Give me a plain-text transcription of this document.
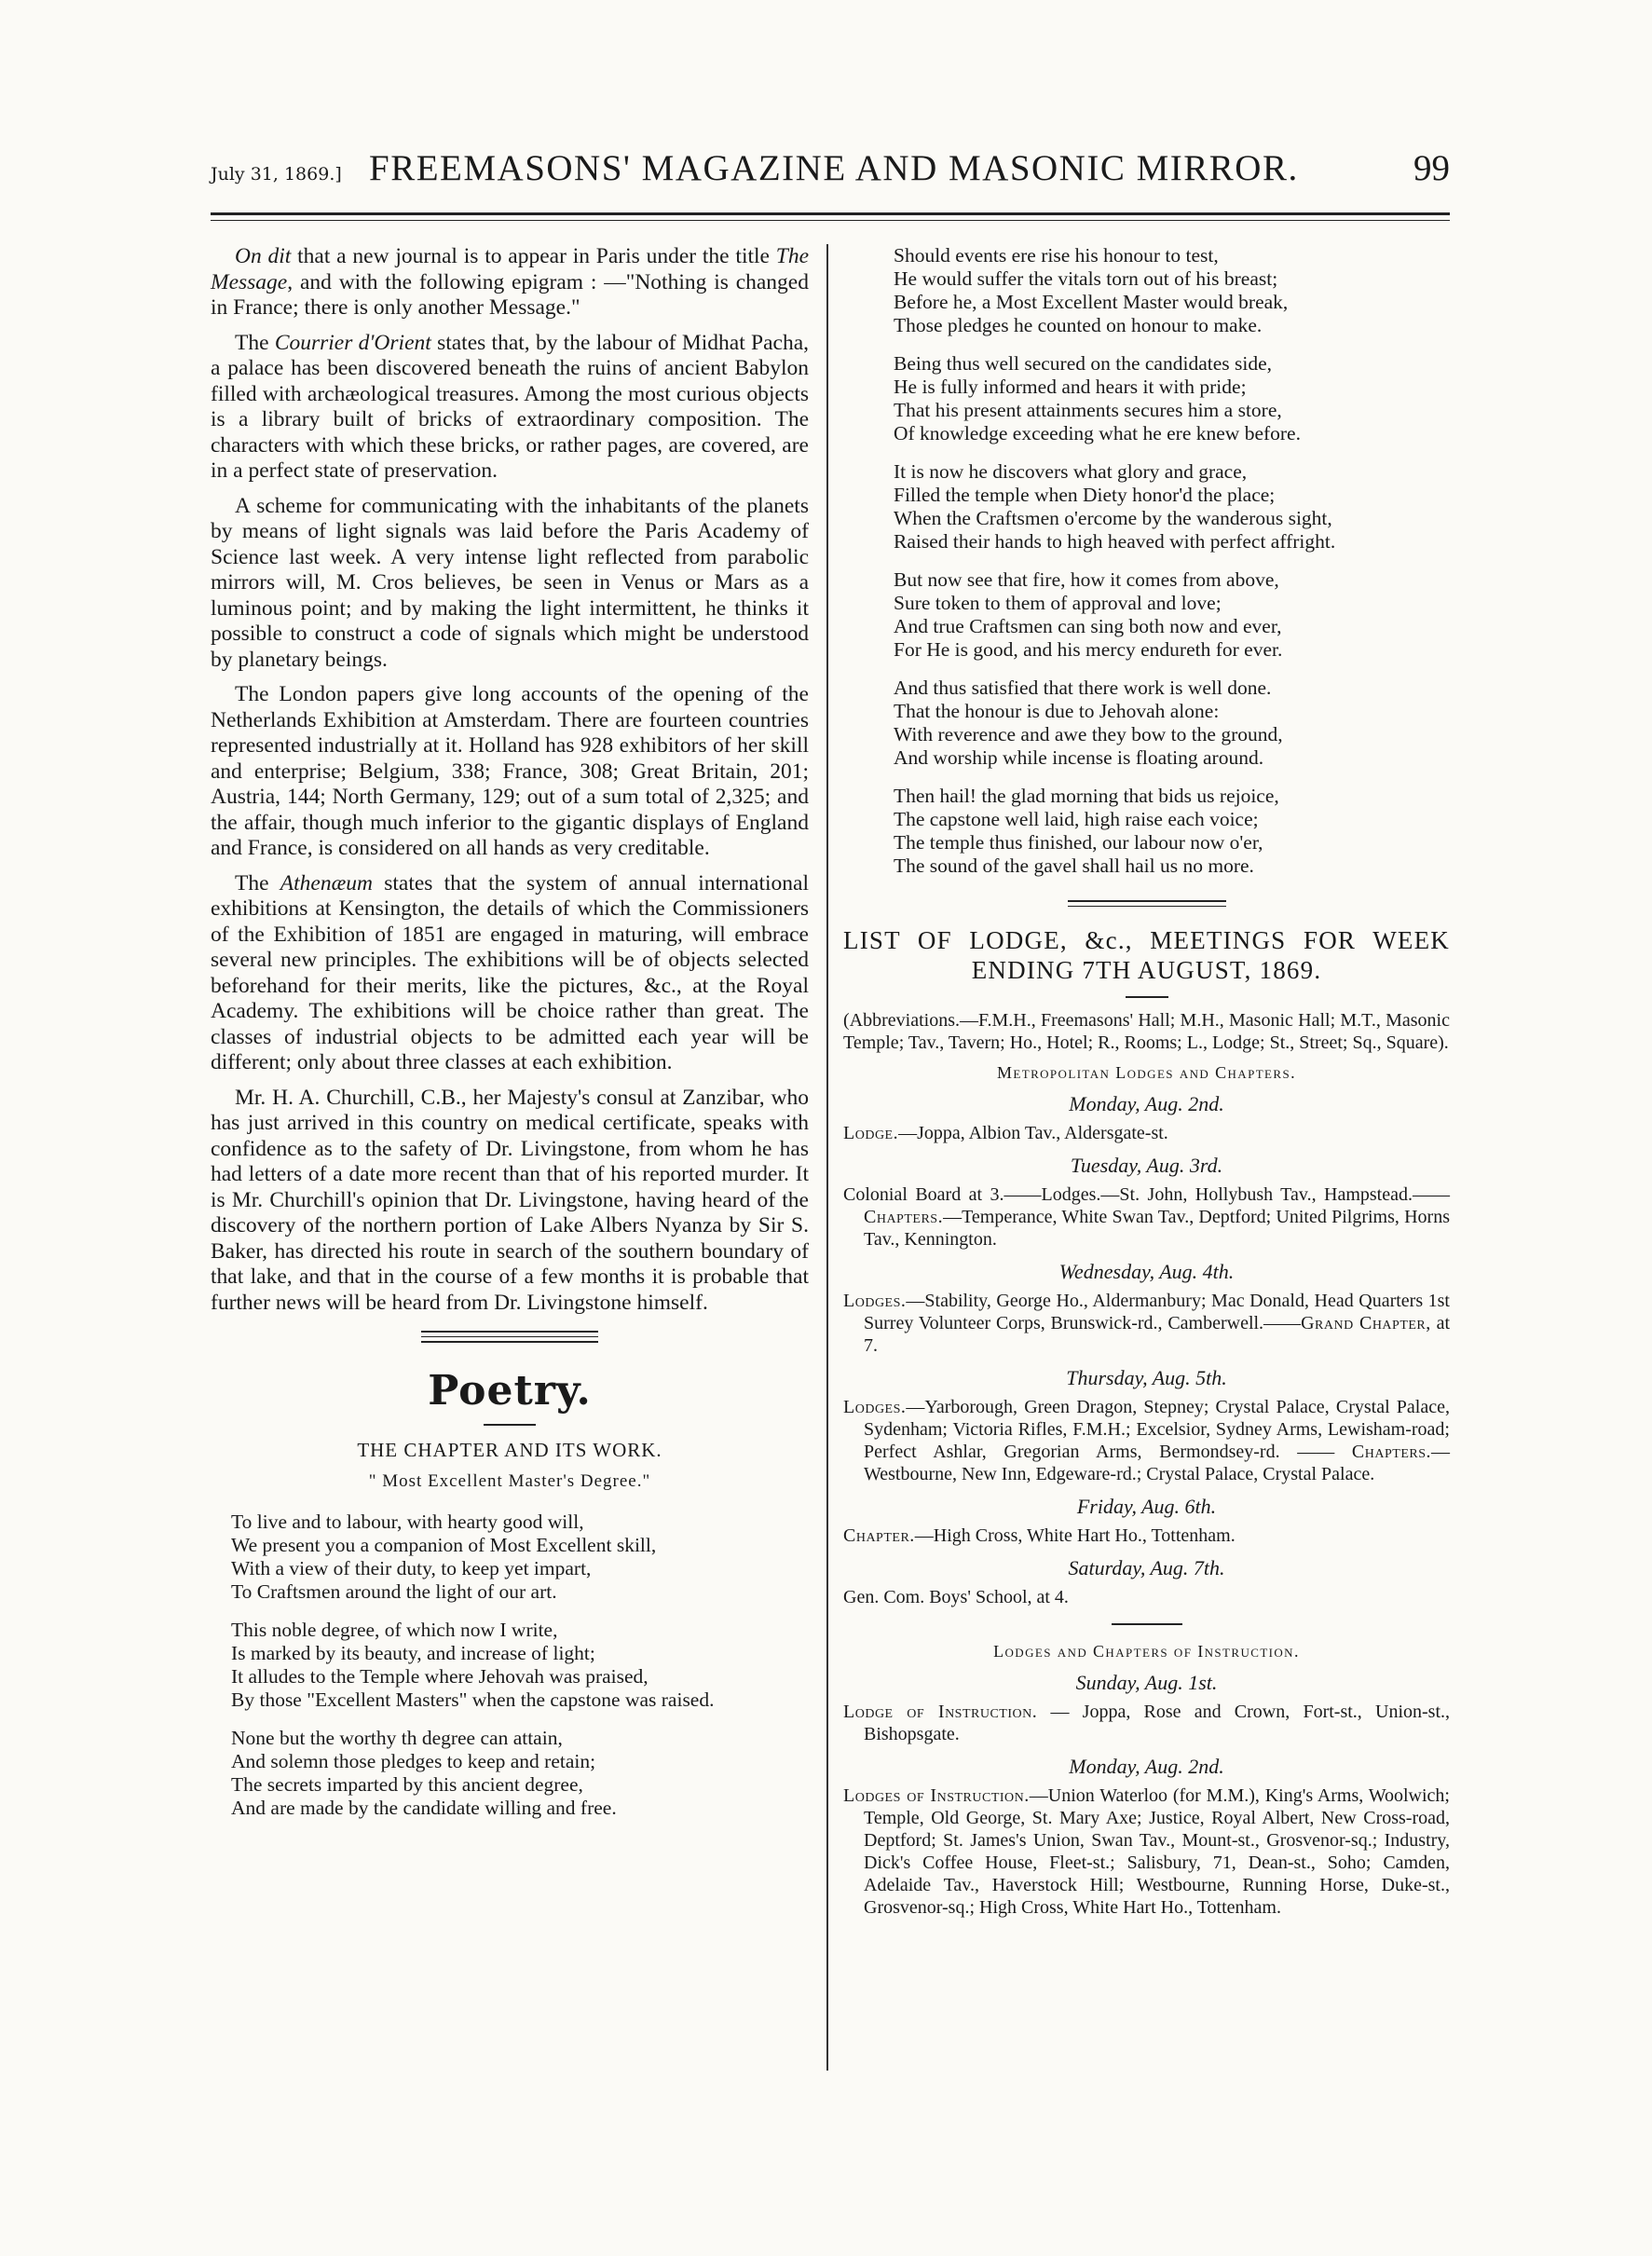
July 31, 1869.] FREEMASONS' MAGAZINE AND MASONIC MIRROR.	99

On dit that a new journal is to appear in Paris under the title The Message, and with the following epigram : —"Nothing is changed in France; there is only another Message."

The Courrier d'Orient states that, by the labour of Midhat Pacha, a palace has been discovered beneath the ruins of ancient Babylon filled with archæological treasures. Among the most curious objects is a library built of bricks of extraordinary composition. The characters with which these bricks, or rather pages, are covered, are in a perfect state of preservation.

A scheme for communicating with the inhabitants of the planets by means of light signals was laid before the Paris Academy of Science last week. A very intense light reflected from parabolic mirrors will, M. Cros believes, be seen in Venus or Mars as a luminous point; and by making the light intermittent, he thinks it possible to construct a code of signals which might be understood by planetary beings.

The London papers give long accounts of the opening of the Netherlands Exhibition at Amsterdam. There are fourteen countries represented industrially at it. Holland has 928 exhibitors of her skill and enterprise; Belgium, 338; France, 308; Great Britain, 201; Austria, 144; North Germany, 129; out of a sum total of 2,325; and the affair, though much inferior to the gigantic displays of England and France, is considered on all hands as very creditable.

The Athenæum states that the system of annual international exhibitions at Kensington, the details of which the Commissioners of the Exhibition of 1851 are engaged in maturing, will embrace several new principles. The exhibitions will be of objects selected beforehand for their merits, like the pictures, &c., at the Royal Academy. The exhibitions will be choice rather than great. The classes of industrial objects to be admitted each year will be different; only about three classes at each exhibition.

Mr. H. A. Churchill, C.B., her Majesty's consul at Zanzibar, who has just arrived in this country on medical certificate, speaks with confidence as to the safety of Dr. Livingstone, from whom he has had letters of a date more recent than that of his reported murder. It is Mr. Churchill's opinion that Dr. Livingstone, having heard of the discovery of the northern portion of Lake Albers Nyanza by Sir S. Baker, has directed his route in search of the southern boundary of that lake, and that in the course of a few months it is probable that further news will be heard from Dr. Livingstone himself.

Poetry.
THE CHAPTER AND ITS WORK.
" Most Excellent Master's Degree."
To live and to labour, with hearty good will,
We present you a companion of Most Excellent skill,
With a view of their duty, to keep yet impart,
To Craftsmen around the light of our art.
This noble degree, of which now I write,
Is marked by its beauty, and increase of light;
It alludes to the Temple where Jehovah was praised,
By those "Excellent Masters" when the capstone was raised.
None but the worthy th degree can attain,
And solemn those pledges to keep and retain;
The secrets imparted by this ancient degree,
And are made by the candidate willing and free.
Should events ere rise his honour to test,
He would suffer the vitals torn out of his breast;
Before he, a Most Excellent Master would break,
Those pledges he counted on honour to make.
Being thus well secured on the candidates side,
He is fully informed and hears it with pride;
That his present attainments secures him a store,
Of knowledge exceeding what he ere knew before.
It is now he discovers what glory and grace,
Filled the temple when Diety honor'd the place;
When the Craftsmen o'ercome by the wanderous sight,
Raised their hands to high heaved with perfect affright.
But now see that fire, how it comes from above,
Sure token to them of approval and love;
And true Craftsmen can sing both now and ever,
For He is good, and his mercy endureth for ever.
And thus satisfied that there work is well done.
That the honour is due to Jehovah alone:
With reverence and awe they bow to the ground,
And worship while incense is floating around.
Then hail! the glad morning that bids us rejoice,
The capstone well laid, high raise each voice;
The temple thus finished, our labour now o'er,
The sound of the gavel shall hail us no more.
LIST OF LODGE, &c., MEETINGS FOR WEEK
ENDING 7TH AUGUST, 1869.

(Abbreviations.—F.M.H., Freemasons' Hall; M.H., Masonic Hall; M.T., Masonic Temple; Tav., Tavern; Ho., Hotel; R., Rooms; L., Lodge; St., Street; Sq., Square).

Metropolitan Lodges and Chapters.
Monday, Aug. 2nd.

Lodge.—Joppa, Albion Tav., Aldersgate-st.

Tuesday, Aug. 3rd.

Colonial Board at 3.——Lodges.—St. John, Hollybush Tav., Hampstead.——Chapters.—Temperance, White Swan Tav., Deptford; United Pilgrims, Horns Tav., Kennington.

Wednesday, Aug. 4th.

Lodges.—Stability, George Ho., Aldermanbury; Mac Donald, Head Quarters 1st Surrey Volunteer Corps, Brunswick-rd., Camberwell.——Grand Chapter, at 7.

Thursday, Aug. 5th.

Lodges.—Yarborough, Green Dragon, Stepney; Crystal Palace, Crystal Palace, Sydenham; Victoria Rifles, F.M.H.; Excelsior, Sydney Arms, Lewisham-road; Perfect Ashlar, Gregorian Arms, Bermondsey-rd. —— Chapters.—Westbourne, New Inn, Edgeware-rd.; Crystal Palace, Crystal Palace.

Friday, Aug. 6th.

Chapter.—High Cross, White Hart Ho., Tottenham.

Saturday, Aug. 7th.

Gen. Com. Boys' School, at 4.

Lodges and Chapters of Instruction.
Sunday, Aug. 1st.

Lodge of Instruction. — Joppa, Rose and Crown, Fort-st., Union-st., Bishopsgate.

Monday, Aug. 2nd.

Lodges of Instruction.—Union Waterloo (for M.M.), King's Arms, Woolwich; Temple, Old George, St. Mary Axe; Justice, Royal Albert, New Cross-road, Deptford; St. James's Union, Swan Tav., Mount-st., Grosvenor-sq.; Industry, Dick's Coffee House, Fleet-st.; Salisbury, 71, Dean-st., Soho; Camden, Adelaide Tav., Haverstock Hill; Westbourne, Running Horse, Duke-st., Grosvenor-sq.; High Cross, White Hart Ho., Tottenham.
